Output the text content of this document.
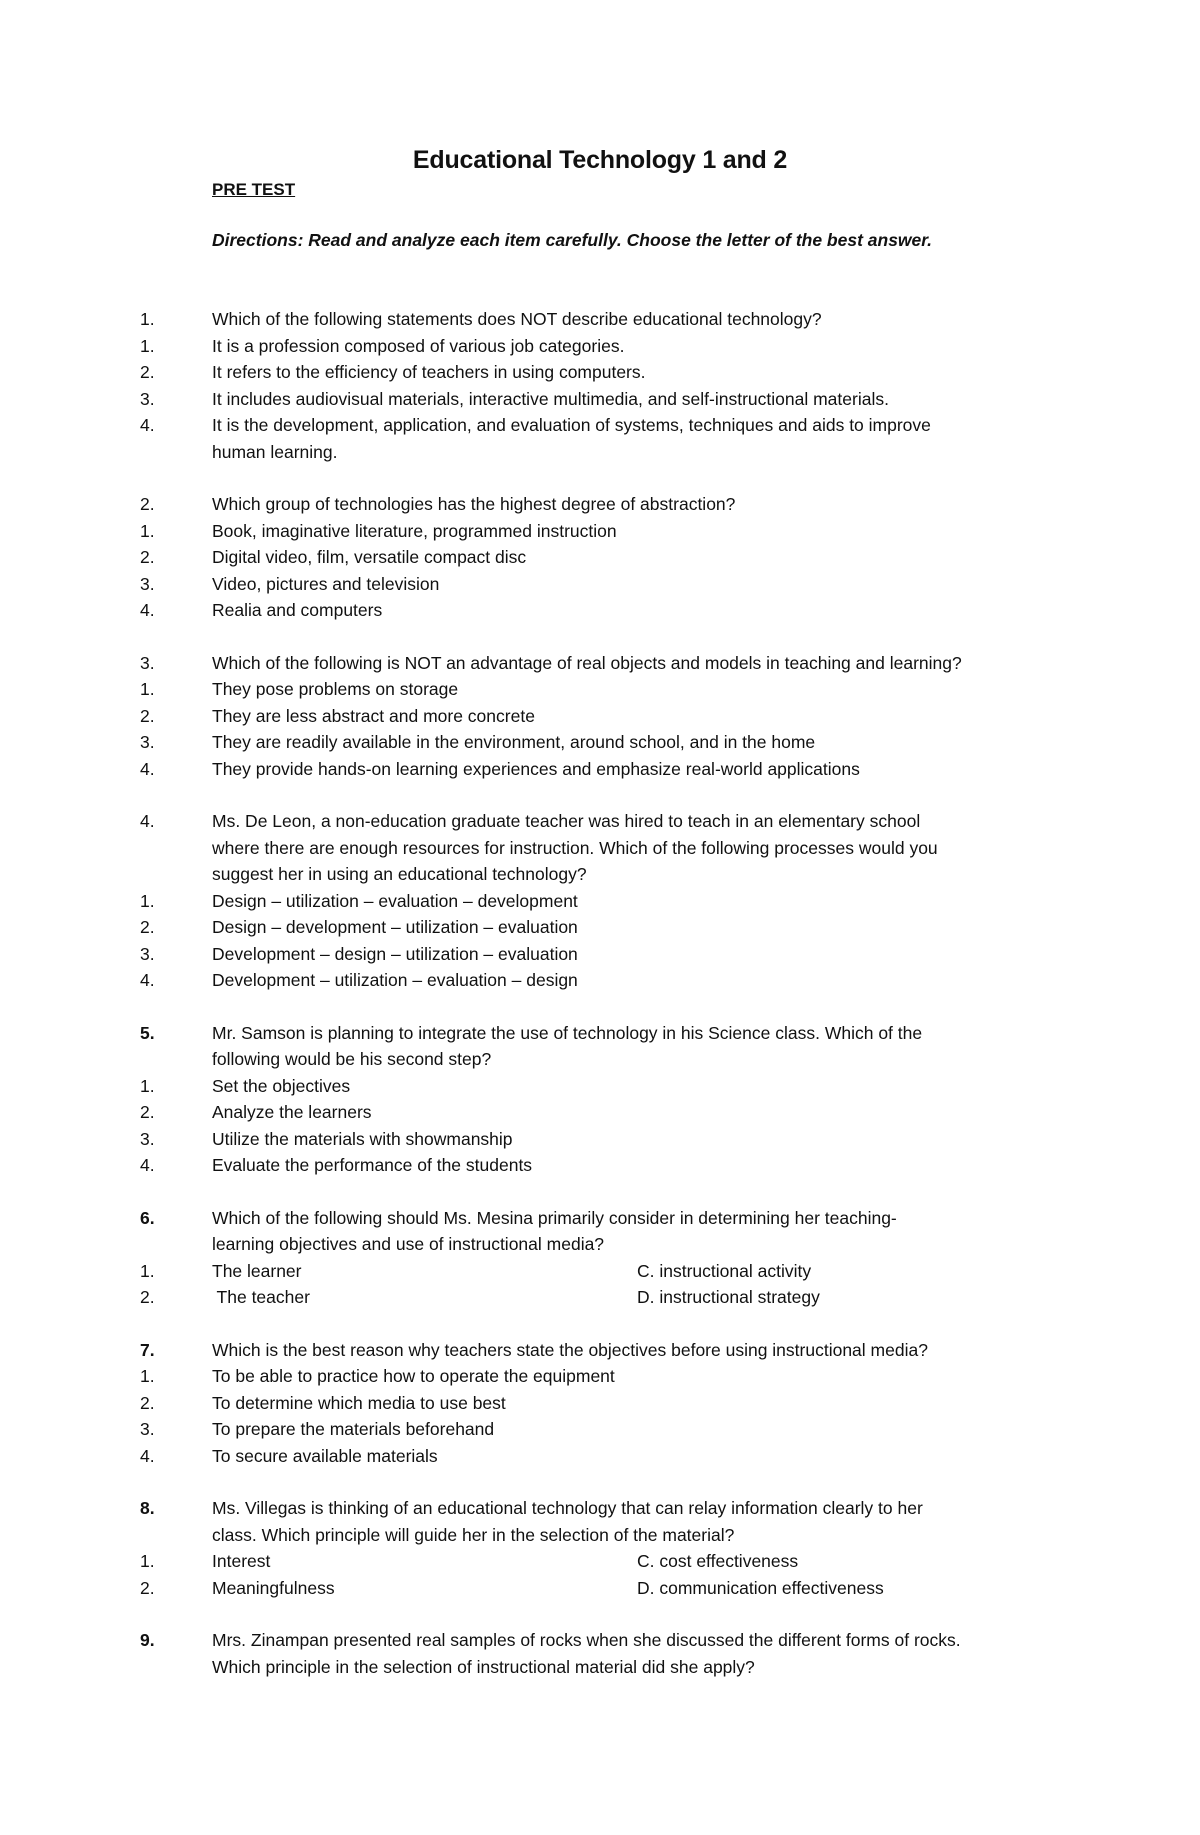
Educational Technology 1 and 2
PRE TEST
Directions: Read and analyze each item carefully. Choose the letter of the best answer.
1.	Which of the following statements does NOT describe educational technology?
1.	It is a profession composed of various job categories.
2.	It refers to the efficiency of teachers in using computers.
3.	It includes audiovisual materials, interactive multimedia, and self-instructional materials.
4.	It is the development, application, and evaluation of systems, techniques and aids to improve
human learning.
2.	Which group of technologies has the highest degree of abstraction?
1.	Book, imaginative literature, programmed instruction
2.	Digital video, film, versatile compact disc
3.	Video, pictures and television
4.	Realia and computers
3.	Which of the following is NOT an advantage of real objects and models in teaching and learning?
1.	They pose problems on storage
2.	They are less abstract and more concrete
3.	They are readily available in the environment, around school, and in the home
4.	They provide hands-on learning experiences and emphasize real-world applications
4.	Ms. De Leon, a non-education graduate teacher was hired to teach in an elementary school
where there are enough resources for instruction. Which of the following processes would you
suggest her in using an educational technology?
1.	Design – utilization – evaluation – development
2.	Design – development – utilization – evaluation
3.	Development – design – utilization – evaluation
4.	Development – utilization – evaluation – design
5.	Mr. Samson is planning to integrate the use of technology in his Science class. Which of the
following would be his second step?
1.	Set the objectives
2.	Analyze the learners
3.	Utilize the materials with showmanship
4.	Evaluate the performance of the students
6.	Which of the following should Ms. Mesina primarily consider in determining her teaching-
learning objectives and use of instructional media?
1.	The learner	C. instructional activity
2.	The teacher	D. instructional strategy
7.	Which is the best reason why teachers state the objectives before using instructional media?
1.	To be able to practice how to operate the equipment
2.	To determine which media to use best
3.	To prepare the materials beforehand
4.	To secure available materials
8.	Ms. Villegas is thinking of an educational technology that can relay information clearly to her
class. Which principle will guide her in the selection of the material?
1.	Interest	C. cost effectiveness
2.	Meaningfulness	D. communication effectiveness
9.	Mrs. Zinampan presented real samples of rocks when she discussed the different forms of rocks.
Which principle in the selection of instructional material did she apply?
